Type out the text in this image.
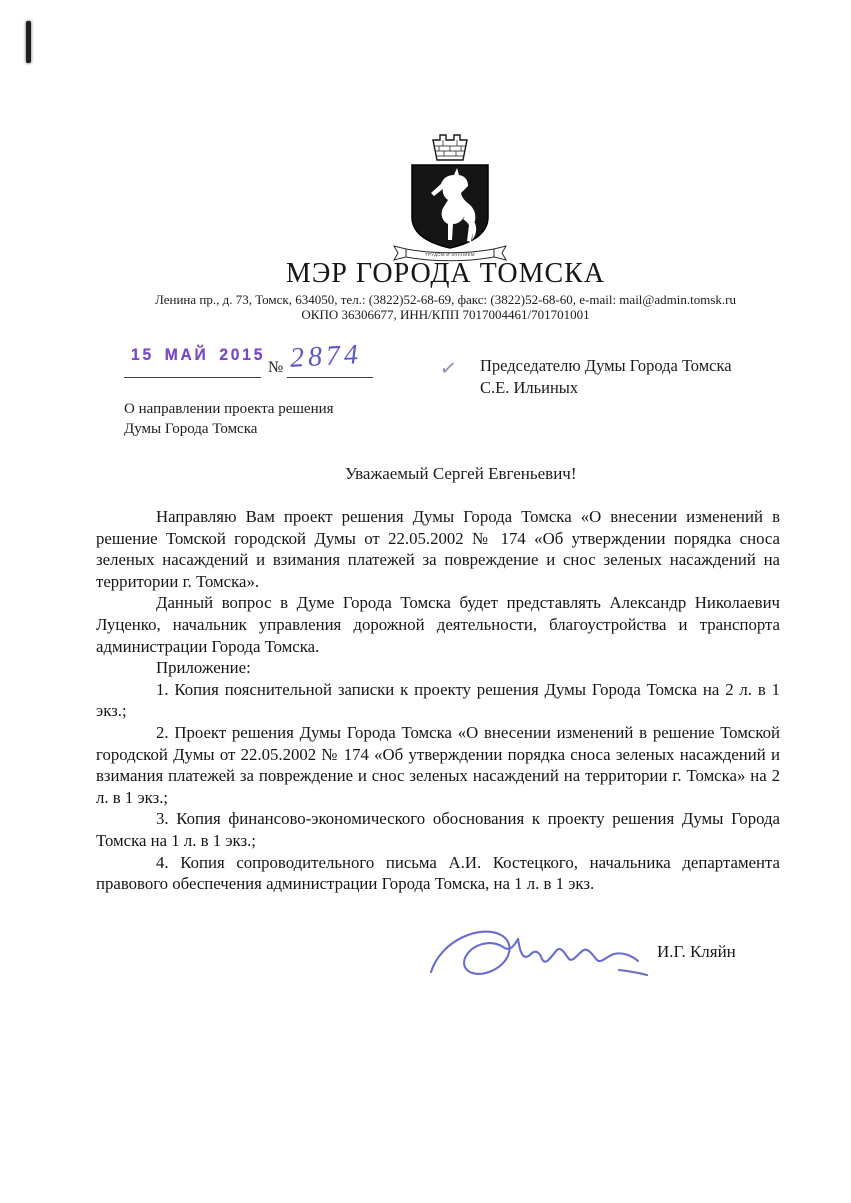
ТРУДОМ И ЗНАНИЕМ
МЭР ГОРОДА ТОМСКА
Ленина пр., д. 73, Томск, 634050, тел.: (3822)52-68-69, факс: (3822)52-68-60, e-mail: mail@admin.tomsk.ru
ОКПО 36306677, ИНН/КПП 7017004461/701701001
15 МАЙ 2015
№ 2874	✓ Председателю Думы Города Томска
С.Е. Ильиных
О направлении проекта решения
Думы Города Томска
Уважаемый Сергей Евгеньевич!

Направляю Вам проект решения Думы Города Томска «О внесении изменений в решение Томской городской Думы от 22.05.2002 № 174 «Об утверждении порядка сноса зеленых насаждений и взимания платежей за повреждение и снос зеленых насаждений на территории г. Томска».

Данный вопрос в Думе Города Томска будет представлять Александр Николаевич Луценко, начальник управления дорожной деятельности, благоустройства и транспорта администрации Города Томска.

Приложение:

1. Копия пояснительной записки к проекту решения Думы Города Томска на 2 л. в 1 экз.;

2. Проект решения Думы Города Томска «О внесении изменений в решение Томской городской Думы от 22.05.2002 № 174 «Об утверждении порядка сноса зеленых насаждений и взимания платежей за повреждение и снос зеленых насаждений на территории г. Томска» на 2 л. в 1 экз.;

3. Копия финансово-экономического обоснования к проекту решения Думы Города Томска на 1 л. в 1 экз.;

4. Копия сопроводительного письма А.И. Костецкого, начальника департамента правового обеспечения администрации Города Томска, на 1 л. в 1 экз.

И.Г. Кляйн
